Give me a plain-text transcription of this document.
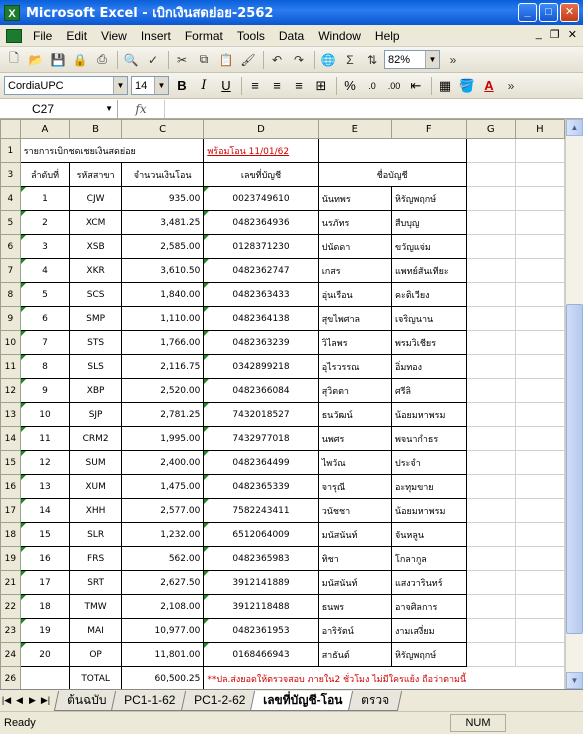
X Microsoft Excel - เบิกเงินสดย่อย-2562	_	□	✕
File	Edit	View	Insert	Format	Tools	Data	Window	Help	_ ❐ ✕
🗋 📂 💾 🔒 ⎙	🔍 ✓	✂	⧉ 📋 🖌	↶ ↷	🌐 Σ	⇅ 82%	▼	»
CordiaUPC	▼ 14	▼ B	I	U	≡	≡	≡ ⊞	%	.0	.00 ⇤	▦ 🪣 A	»
C27	▼	fx
	A	B	C	D	E	F	G	H
1	รายการเบิกชดเชยเงินสดย่อย			พร้อมโอน 11/01/62				
3	ลำดับที่	รหัสสาขา	จำนวนเงินโอน	เลขที่บัญชี	ชื่อบัญชี			
4	1	CJW	935.00	0023749610	นันทพร	หิรัญพฤกษ์		
5	2	XCM	3,481.25	0482364936	นรภัทร	สืบบุญ		
6	3	XSB	2,585.00	0128371230	ปนัดดา	ขวัญแจ่ม		
7	4	XKR	3,610.50	0482362747	เกสร	แพทย์สันเทียะ		
8	5	SCS	1,840.00	0482363433	อุ่นเรือน	คะติเวียง		
9	6	SMP	1,110.00	0482364138	สุขไพศาล	เจริญนาน		
10	7	STS	1,766.00	0482363239	วิไลพร	พรมวิเชียร		
11	8	SLS	2,116.75	0342899218	อุไรวรรณ	อิ่มทอง		
12	9	XBP	2,520.00	0482366084	สุวิตตา	ศรีลิ		
13	10	SJP	2,781.25	7432018527	ธนวัฒน์	น้อยมหาพรม		
14	11	CRM2	1,995.00	7432977018	นพศร	พจนากำธร		
15	12	SUM	2,400.00	0482364499	ไพวัณ	ประจำ		
16	13	XUM	1,475.00	0482365339	จารุณี	อะทุมขาย		
17	14	XHH	2,577.00	7582243411	วนัชชา	น้อยมหาพรม		
18	15	SLR	1,232.00	6512064009	มนัสนันท์	จันหลูน		
19	16	FRS	562.00	0482365983	ทิชา	โกลากูล		
21	17	SRT	2,627.50	3912141889	มนัสนันท์	แสงวารินทร์		
22	18	TMW	2,108.00	3912118488	ธนพร	อาจศิลการ		
23	19	MAI	10,977.00	0482361953	อาริรัตน์	งามเสงี่ยม		
24	20	OP	11,801.00	0168466943	สาธันต์	หิรัญพฤกษ์		
26		TOTAL	60,500.25	**ปล.ส่งยอดให้ตรวจสอบ ภายใน2 ชั่วโมง ไม่มีใครแย้ง ถือว่าตามนี้				
▲
▼
|◀ ◀ ▶ ▶|	ต้นฉบับ	PC1-1-62	PC1-2-62	เลขที่บัญชี-โอน	ตรวจ
Ready	NUM
